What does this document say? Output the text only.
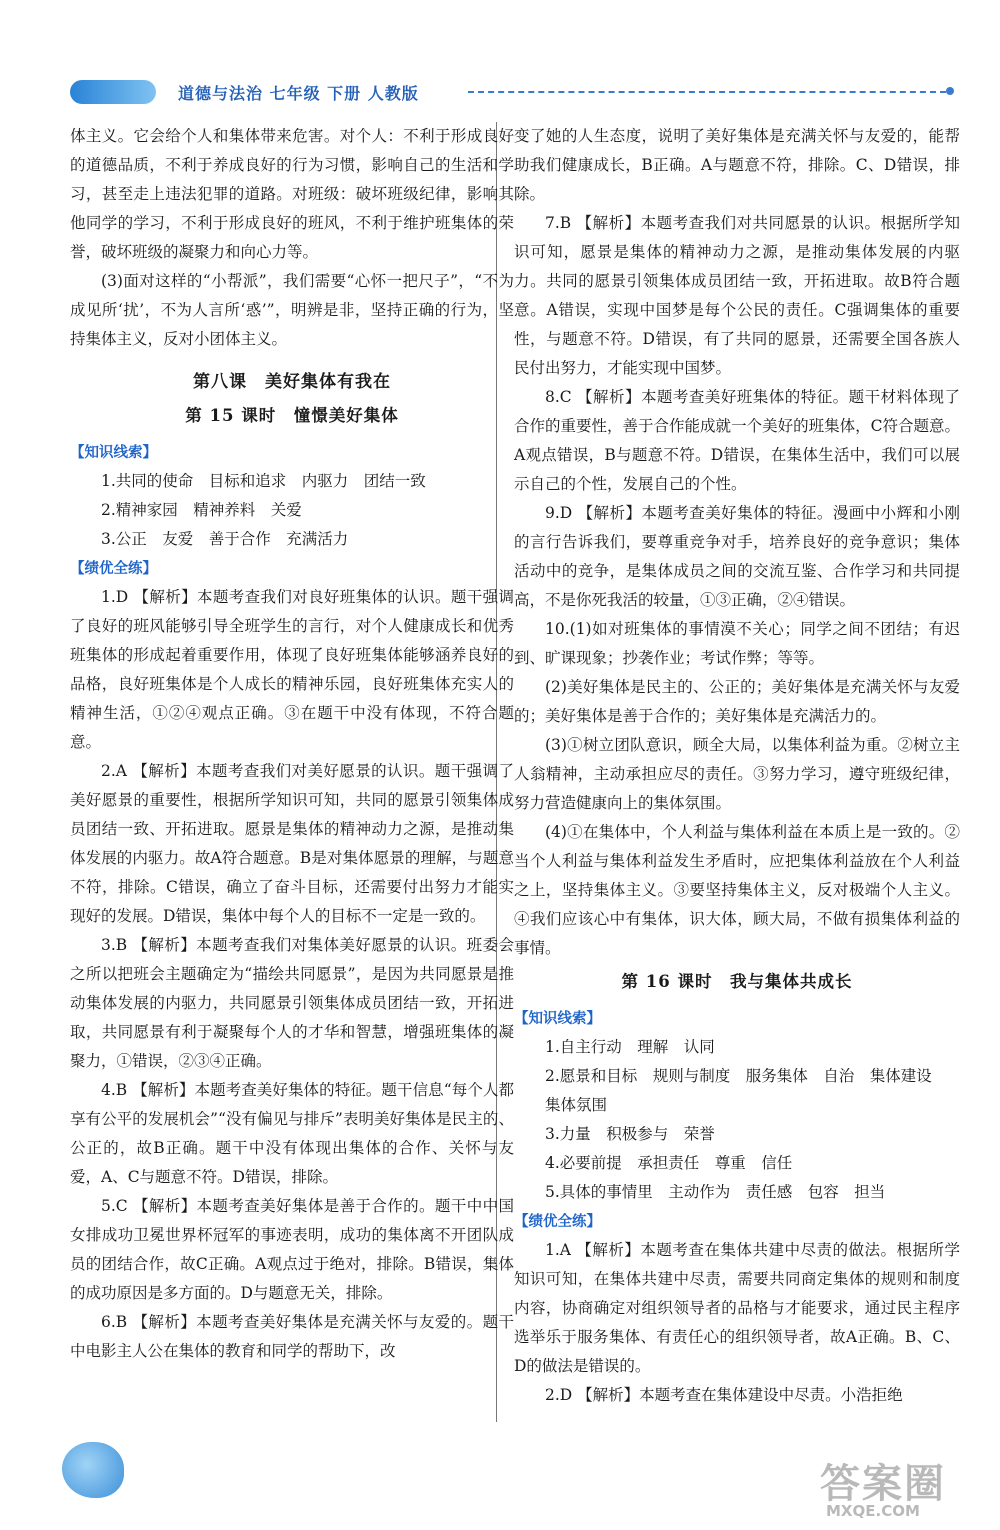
道德与法治 七年级 下册 人教版

体主义。它会给个人和集体带来危害。对个人：不利于形成良好的道德品质，不利于养成良好的行为习惯，影响自己的生活和学习，甚至走上违法犯罪的道路。对班级：破坏班级纪律，影响其他同学的学习，不利于形成良好的班风，不利于维护班集体的荣誉，破坏班级的凝聚力和向心力等。

(3)面对这样的“小帮派”，我们需要“心怀一把尺子”，“不为成见所‘扰’，不为人言所‘惑’”，明辨是非，坚持正确的行为，坚持集体主义，反对小团体主义。

第八课　美好集体有我在
第 15 课时　憧憬美好集体
【知识线索】
1.共同的使命　目标和追求　内驱力　团结一致
2.精神家园　精神养料　关爱
3.公正　友爱　善于合作　充满活力
【绩优全练】

1.D 【解析】本题考查我们对良好班集体的认识。题干强调了良好的班风能够引导全班学生的言行，对个人健康成长和优秀班集体的形成起着重要作用，体现了良好班集体能够涵养良好的品格，良好班集体是个人成长的精神乐园，良好班集体充实人的精神生活，①②④观点正确。③在题干中没有体现，不符合题意。

2.A 【解析】本题考查我们对美好愿景的认识。题干强调了美好愿景的重要性，根据所学知识可知，共同的愿景引领集体成员团结一致、开拓进取。愿景是集体的精神动力之源，是推动集体发展的内驱力。故A符合题意。B是对集体愿景的理解，与题意不符，排除。C错误，确立了奋斗目标，还需要付出努力才能实现好的发展。D错误，集体中每个人的目标不一定是一致的。

3.B 【解析】本题考查我们对集体美好愿景的认识。班委会之所以把班会主题确定为“描绘共同愿景”，是因为共同愿景是推动集体发展的内驱力，共同愿景引领集体成员团结一致，开拓进取，共同愿景有利于凝聚每个人的才华和智慧，增强班集体的凝聚力，①错误，②③④正确。

4.B 【解析】本题考查美好集体的特征。题干信息“每个人都享有公平的发展机会”“没有偏见与排斥”表明美好集体是民主的、公正的，故B正确。题干中没有体现出集体的合作、关怀与友爱，A、C与题意不符。D错误，排除。

5.C 【解析】本题考查美好集体是善于合作的。题干中中国女排成功卫冕世界杯冠军的事迹表明，成功的集体离不开团队成员的团结合作，故C正确。A观点过于绝对，排除。B错误，集体的成功原因是多方面的。D与题意无关，排除。

6.B 【解析】本题考查美好集体是充满关怀与友爱的。题干中电影主人公在集体的教育和同学的帮助下，改

变了她的人生态度，说明了美好集体是充满关怀与友爱的，能帮助我们健康成长，B正确。A与题意不符，排除。C、D错误，排除。

7.B 【解析】本题考查我们对共同愿景的认识。根据所学知识可知，愿景是集体的精神动力之源，是推动集体发展的内驱力。共同的愿景引领集体成员团结一致，开拓进取。故B符合题意。A错误，实现中国梦是每个公民的责任。C强调集体的重要性，与题意不符。D错误，有了共同的愿景，还需要全国各族人民付出努力，才能实现中国梦。

8.C 【解析】本题考查美好班集体的特征。题干材料体现了合作的重要性，善于合作能成就一个美好的班集体，C符合题意。A观点错误，B与题意不符。D错误，在集体生活中，我们可以展示自己的个性，发展自己的个性。

9.D 【解析】本题考查美好集体的特征。漫画中小辉和小刚的言行告诉我们，要尊重竞争对手，培养良好的竞争意识；集体活动中的竞争，是集体成员之间的交流互鉴、合作学习和共同提高，不是你死我活的较量，①③正确，②④错误。

10.(1)如对班集体的事情漠不关心；同学之间不团结；有迟到、旷课现象；抄袭作业；考试作弊；等等。

(2)美好集体是民主的、公正的；美好集体是充满关怀与友爱的；美好集体是善于合作的；美好集体是充满活力的。

(3)①树立团队意识，顾全大局，以集体利益为重。②树立主人翁精神，主动承担应尽的责任。③努力学习，遵守班级纪律，努力营造健康向上的集体氛围。

(4)①在集体中，个人利益与集体利益在本质上是一致的。②当个人利益与集体利益发生矛盾时，应把集体利益放在个人利益之上，坚持集体主义。③要坚持集体主义，反对极端个人主义。④我们应该心中有集体，识大体，顾大局，不做有损集体利益的事情。

第 16 课时　我与集体共成长
【知识线索】
1.自主行动　理解　认同
2.愿景和目标　规则与制度　服务集体　自治　集体建设　集体氛围
3.力量　积极参与　荣誉
4.必要前提　承担责任　尊重　信任
5.具体的事情里　主动作为　责任感　包容　担当
【绩优全练】

1.A 【解析】本题考查在集体共建中尽责的做法。根据所学知识可知，在集体共建中尽责，需要共同商定集体的规则和制度内容，协商确定对组织领导者的品格与才能要求，通过民主程序选举乐于服务集体、有责任心的组织领导者，故A正确。B、C、D的做法是错误的。

2.D 【解析】本题考查在集体建设中尽责。小浩拒绝

答案圈
MXQE.COM
